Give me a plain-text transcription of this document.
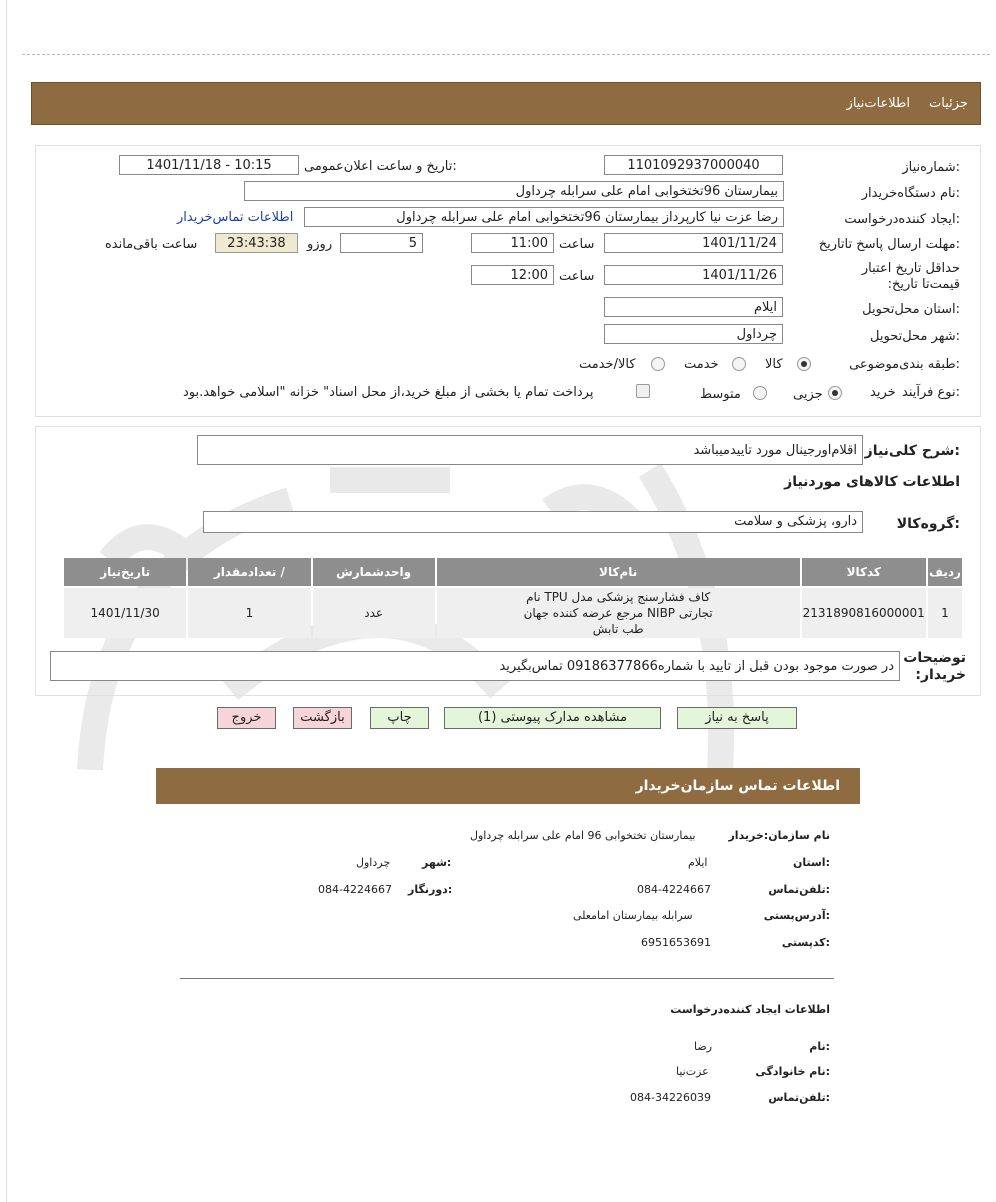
جزئیات
اطلاعات‌نیاز
شماره‌نیاز:
1101092937000040
تاریخ و ساعت اعلان‌عمومی:
1401/11/18 - 10:15
نام دستگاه‌خریدار:
بیمارستان 96تختخوابی امام علی سرابله چرداول
ایجاد کننده‌درخواست:
رضا عزت نیا کارپرداز بیمارستان 96تختخوابی امام علی سرابله چرداول
اطلاعات تماس‌خریدار
مهلت ارسال پاسخ تا‌تاریخ:
1401/11/24
ساعت
11:00
روزو	5
23:43:38
ساعت باقی‌مانده
حداقل تاریخ اعتبار قیمت‌تا تاریخ:
1401/11/26
ساعت
12:00
استان محل‌تحویل:
ایلام
شهر محل‌تحویل:
چرداول
طبقه بندی‌موضوعی:
کالا
خدمت
کالا/خدمت
نوع فرآیند:
خرید
جزیی
متوسط
پرداخت تمام یا بخشی از مبلغ خرید،از محل اسناد" خزانه "اسلامی خواهد.بود
شرح کلی‌نیاز:
اقلام‌اورجینال مورد تاییدمیباشد
اطلاعات کالاهای موردنیاز
گروه‌کالا:
دارو، پزشکی و سلامت
ردیف	کدکالا	نام‌کالا	واحدشمارش	/ تعدادمقدار	تاریخ‌نیاز
1	2131890816000001	کاف فشارسنج پزشکی مدل TPU نام تجارتی NIBP مرجع عرضه کننده جهان طب تابش	عدد	1	1401/11/30
توضیحات خریدار:
در صورت موجود بودن قبل از تایید با شماره09186377866 تماس‌بگیرید
پاسخ به نیاز
مشاهده مدارک پیوستی (1)
چاپ
بازگشت
خروج
اطلاعات تماس سازمان‌خریدار
نام سازمان:خریدار
بیمارستان تختخوابی 96 امام علی سرابله چرداول
استان:
ایلام
شهر:
چرداول
تلفن‌تماس:
084-4224667
دورنگار:
084-4224667
آدرس‌پستی:
سرابله بیمارستان امامعلی
کدپستی:
6951653691
اطلاعات ایجاد کننده‌درخواست
نام:
رضا
نام خانوادگی:
عزت‌نیا
تلفن‌تماس:
084-34226039
